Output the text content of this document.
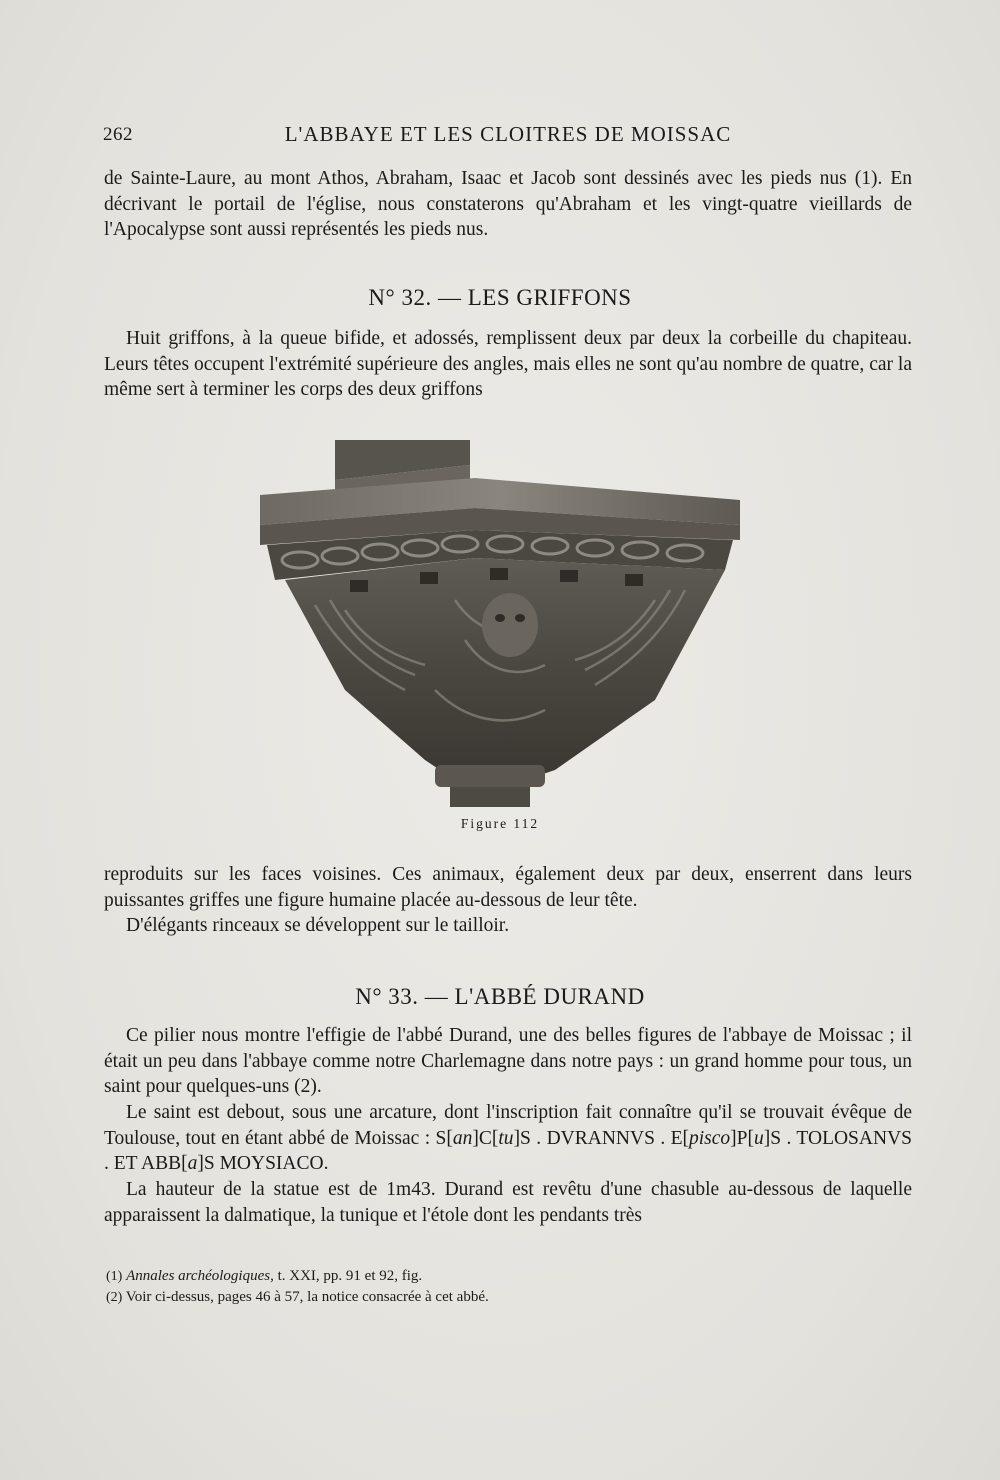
262	L'ABBAYE ET LES CLOITRES DE MOISSAC
de Sainte-Laure, au mont Athos, Abraham, Isaac et Jacob sont dessinés avec les pieds nus (1). En décrivant le portail de l'église, nous constaterons qu'Abraham et les vingt-quatre vieillards de l'Apocalypse sont aussi représentés les pieds nus.
N° 32. — LES GRIFFONS
Huit griffons, à la queue bifide, et adossés, remplissent deux par deux la corbeille du chapiteau. Leurs têtes occupent l'extrémité supérieure des angles, mais elles ne sont qu'au nombre de quatre, car la même sert à terminer les corps des deux griffons
Figure 112
reproduits sur les faces voisines. Ces animaux, également deux par deux, enserrent dans leurs puissantes griffes une figure humaine placée au-dessous de leur tête.
D'élégants rinceaux se développent sur le tailloir.
N° 33. — L'ABBÉ DURAND
Ce pilier nous montre l'effigie de l'abbé Durand, une des belles figures de l'abbaye de Moissac ; il était un peu dans l'abbaye comme notre Charlemagne dans notre pays : un grand homme pour tous, un saint pour quelques-uns (2).
Le saint est debout, sous une arcature, dont l'inscription fait connaître qu'il se trouvait évêque de Toulouse, tout en étant abbé de Moissac : S[an]C[tu]S . DVRANNVS . E[pisco]P[u]S . TOLOSANVS . ET ABB[a]S MOYSIACO.
La hauteur de la statue est de 1m43. Durand est revêtu d'une chasuble au-dessous de laquelle apparaissent la dalmatique, la tunique et l'étole dont les pendants très
(1) Annales archéologiques, t. XXI, pp. 91 et 92, fig.
(2) Voir ci-dessus, pages 46 à 57, la notice consacrée à cet abbé.
